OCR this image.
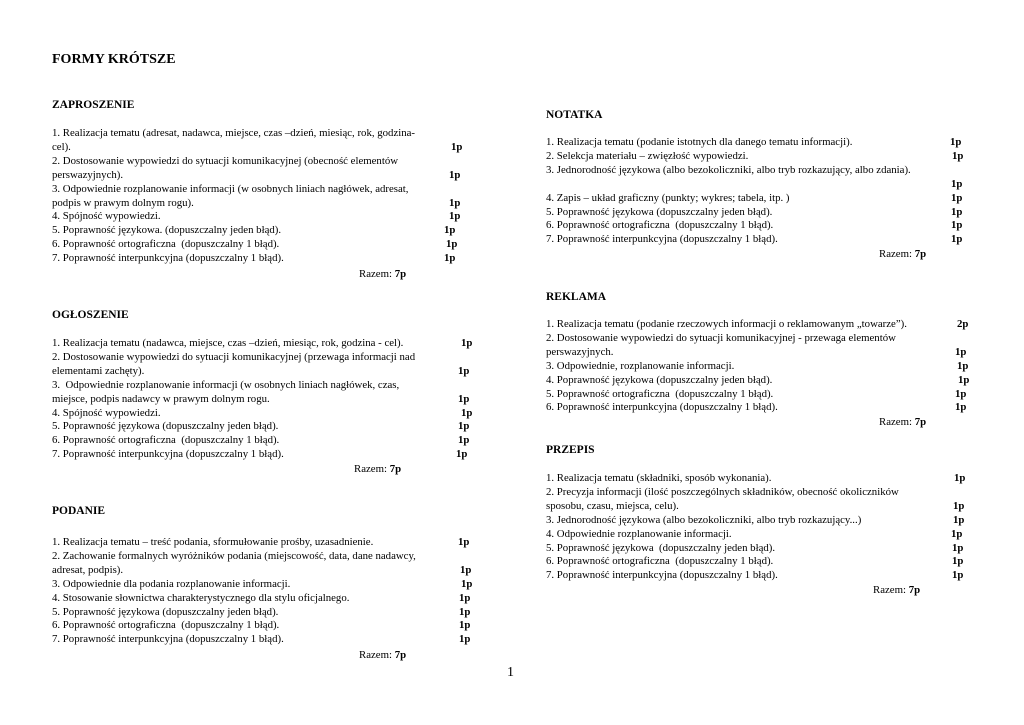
FORMY KRÓTSZE
ZAPROSZENIE
1. Realizacja tematu (adresat, nadawca, miejsce, czas –dzień, miesiąc, rok, godzina-
cel).	1p
2. Dostosowanie wypowiedzi do sytuacji komunikacyjnej (obecność elementów
perswazyjnych).	1p
3. Odpowiednie rozplanowanie informacji (w osobnych liniach nagłówek, adresat,
podpis w prawym dolnym rogu).	1p
4. Spójność wypowiedzi.	1p
5. Poprawność językowa. (dopuszczalny jeden błąd).	1p
6. Poprawność ortograficzna  (dopuszczalny 1 błąd).	1p
7. Poprawność interpunkcyjna (dopuszczalny 1 błąd).	1p
Razem: 7p
OGŁOSZENIE
1. Realizacja tematu (nadawca, miejsce, czas –dzień, miesiąc, rok, godzina - cel).	1p
2. Dostosowanie wypowiedzi do sytuacji komunikacyjnej (przewaga informacji nad
elementami zachęty).	1p
3.  Odpowiednie rozplanowanie informacji (w osobnych liniach nagłówek, czas,
miejsce, podpis nadawcy w prawym dolnym rogu.	1p
4. Spójność wypowiedzi.	1p
5. Poprawność językowa (dopuszczalny jeden błąd).	1p
6. Poprawność ortograficzna  (dopuszczalny 1 błąd).	1p
7. Poprawność interpunkcyjna (dopuszczalny 1 błąd).	1p
Razem: 7p
PODANIE
1. Realizacja tematu – treść podania, sformułowanie prośby, uzasadnienie.	1p
2. Zachowanie formalnych wyróżników podania (miejscowość, data, dane nadawcy,
adresat, podpis).	1p
3. Odpowiednie dla podania rozplanowanie informacji.	1p
4. Stosowanie słownictwa charakterystycznego dla stylu oficjalnego.	1p
5. Poprawność językowa (dopuszczalny jeden błąd).	1p
6. Poprawność ortograficzna  (dopuszczalny 1 błąd).	1p
7. Poprawność interpunkcyjna (dopuszczalny 1 błąd).	1p
Razem: 7p
NOTATKA
1. Realizacja tematu (podanie istotnych dla danego tematu informacji).	1p
2. Selekcja materiału – zwięzłość wypowiedzi.	1p
3. Jednorodność językowa (albo bezokoliczniki, albo tryb rozkazujący, albo zdania).
1p
4. Zapis – układ graficzny (punkty; wykres; tabela, itp. )	1p
5. Poprawność językowa (dopuszczalny jeden błąd).	1p
6. Poprawność ortograficzna  (dopuszczalny 1 błąd).	1p
7. Poprawność interpunkcyjna (dopuszczalny 1 błąd).	1p
Razem: 7p
REKLAMA
1. Realizacja tematu (podanie rzeczowych informacji o reklamowanym „towarze”).	2p
2. Dostosowanie wypowiedzi do sytuacji komunikacyjnej - przewaga elementów
perswazyjnych.	1p
3. Odpowiednie, rozplanowanie informacji.	1p
4. Poprawność językowa (dopuszczalny jeden błąd).	1p
5. Poprawność ortograficzna  (dopuszczalny 1 błąd).	1p
6. Poprawność interpunkcyjna (dopuszczalny 1 błąd).	1p
Razem: 7p
PRZEPIS
1. Realizacja tematu (składniki, sposób wykonania).	1p
2. Precyzja informacji (ilość poszczególnych składników, obecność okoliczników
sposobu, czasu, miejsca, celu).	1p
3. Jednorodność językowa (albo bezokoliczniki, albo tryb rozkazujący...)	1p
4. Odpowiednie rozplanowanie informacji.	1p
5. Poprawność językowa  (dopuszczalny jeden błąd).	1p
6. Poprawność ortograficzna  (dopuszczalny 1 błąd).	1p
7. Poprawność interpunkcyjna (dopuszczalny 1 błąd).	1p
Razem: 7p
1
